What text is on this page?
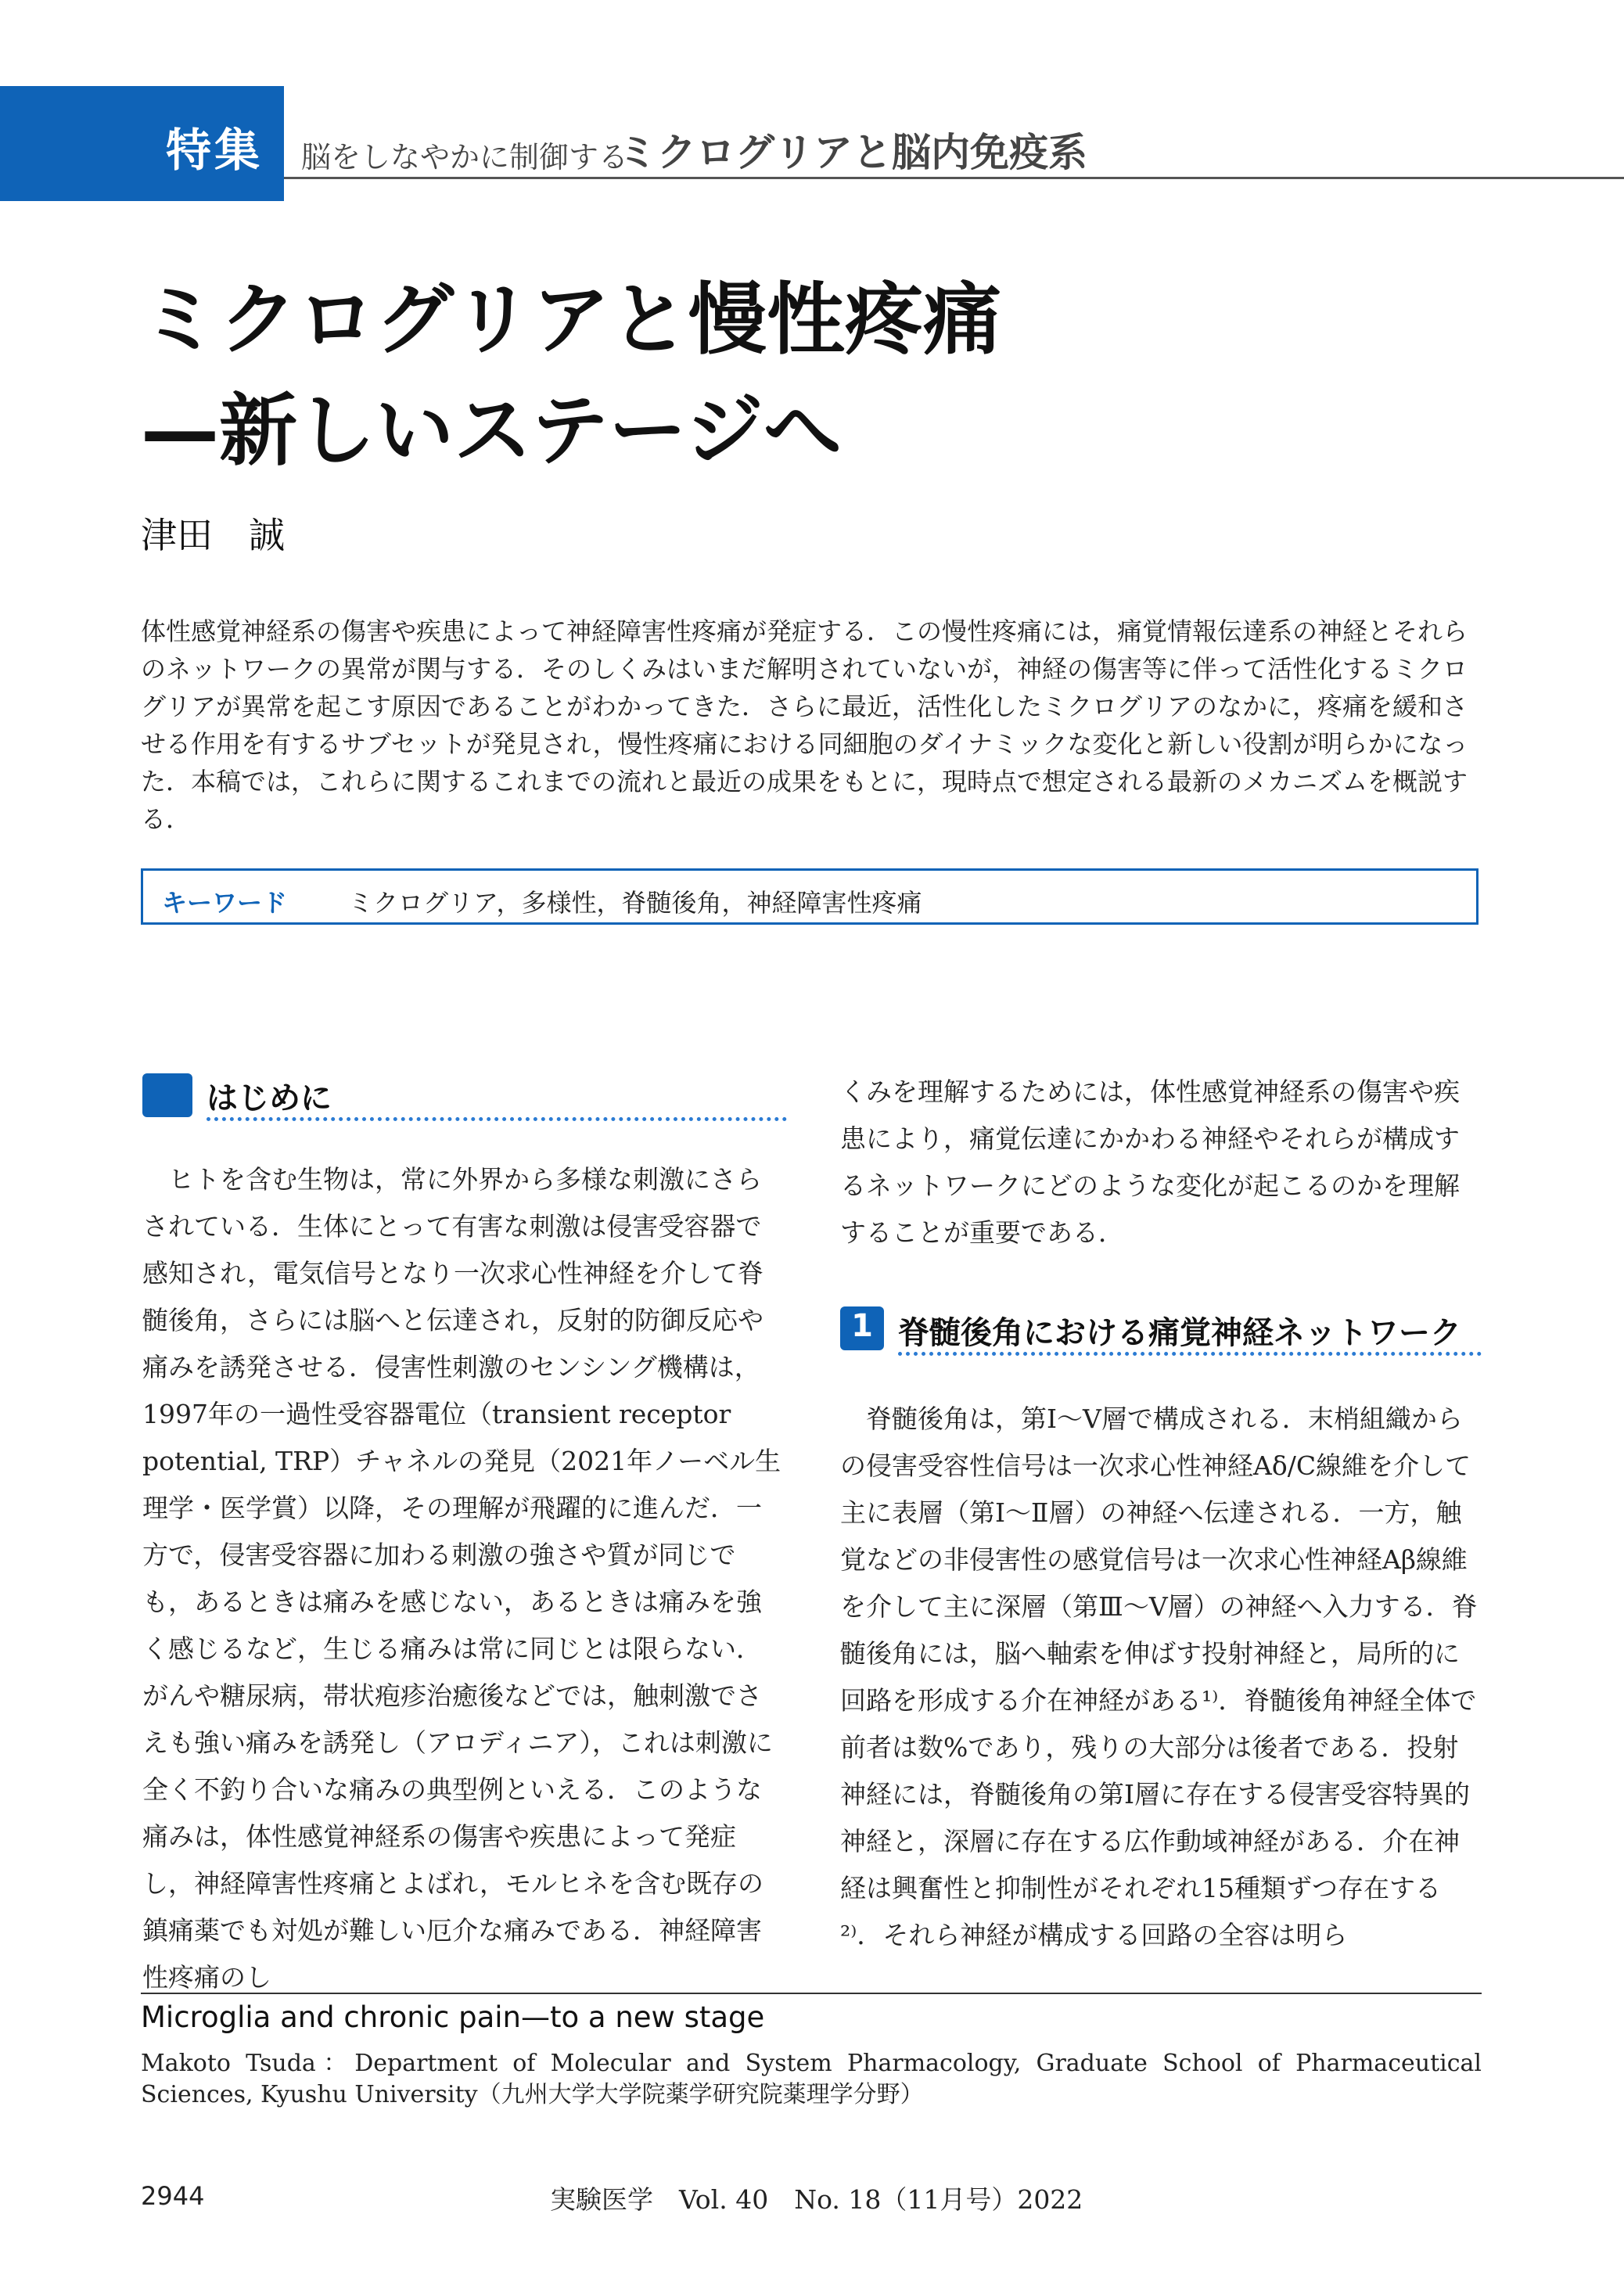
特集 脳をしなやかに制御する
ミクログリアと脳内免疫系
ミクログリアと慢性疼痛
—新しいステージへ
津田　誠
体性感覚神経系の傷害や疾患によって神経障害性疼痛が発症する．この慢性疼痛には，痛覚情報伝達系の神経とそれらのネットワークの異常が関与する．そのしくみはいまだ解明されていないが，神経の傷害等に伴って活性化するミクログリアが異常を起こす原因であることがわかってきた．さらに最近，活性化したミクログリアのなかに，疼痛を緩和させる作用を有するサブセットが発見され，慢性疼痛における同細胞のダイナミックな変化と新しい役割が明らかになった．本稿では，これらに関するこれまでの流れと最近の成果をもとに，現時点で想定される最新のメカニズムを概説する．
キーワード ミクログリア，多様性，脊髄後角，神経障害性疼痛
はじめに

ヒトを含む生物は，常に外界から多様な刺激にさらされている．生体にとって有害な刺激は侵害受容器で感知され，電気信号となり一次求心性神経を介して脊髄後角，さらには脳へと伝達され，反射的防御反応や痛みを誘発させる．侵害性刺激のセンシング機構は，1997年の一過性受容器電位（transient receptor potential, TRP）チャネルの発見（2021年ノーベル生理学・医学賞）以降，その理解が飛躍的に進んだ．一方で，侵害受容器に加わる刺激の強さや質が同じでも，あるときは痛みを感じない，あるときは痛みを強く感じるなど，生じる痛みは常に同じとは限らない．がんや糖尿病，帯状疱疹治癒後などでは，触刺激でさえも強い痛みを誘発し（アロディニア），これは刺激に全く不釣り合いな痛みの典型例といえる．このような痛みは，体性感覚神経系の傷害や疾患によって発症し，神経障害性疼痛とよばれ，モルヒネを含む既存の鎮痛薬でも対処が難しい厄介な痛みである．神経障害性疼痛のし

くみを理解するためには，体性感覚神経系の傷害や疾患により，痛覚伝達にかかわる神経やそれらが構成するネットワークにどのような変化が起こるのかを理解することが重要である．

1 脊髄後角における痛覚神経ネットワーク

脊髄後角は，第Ⅰ～Ⅴ層で構成される．末梢組織からの侵害受容性信号は一次求心性神経Aδ/C線維を介して主に表層（第Ⅰ～Ⅱ層）の神経へ伝達される．一方，触覚などの非侵害性の感覚信号は一次求心性神経Aβ線維を介して主に深層（第Ⅲ～Ⅴ層）の神経へ入力する．脊髄後角には，脳へ軸索を伸ばす投射神経と，局所的に回路を形成する介在神経がある¹⁾．脊髄後角神経全体で前者は数%であり，残りの大部分は後者である．投射神経には，脊髄後角の第Ⅰ層に存在する侵害受容特異的神経と，深層に存在する広作動域神経がある．介在神経は興奮性と抑制性がそれぞれ15種類ずつ存在する²⁾．それら神経が構成する回路の全容は明ら

Microglia and chronic pain—to a new stage
Makoto Tsuda：Department of Molecular and System Pharmacology, Graduate School of Pharmaceutical Sciences, Kyushu University（九州大学大学院薬学研究院薬理学分野）
2944	実験医学　Vol. 40　No. 18（11月号）2022
